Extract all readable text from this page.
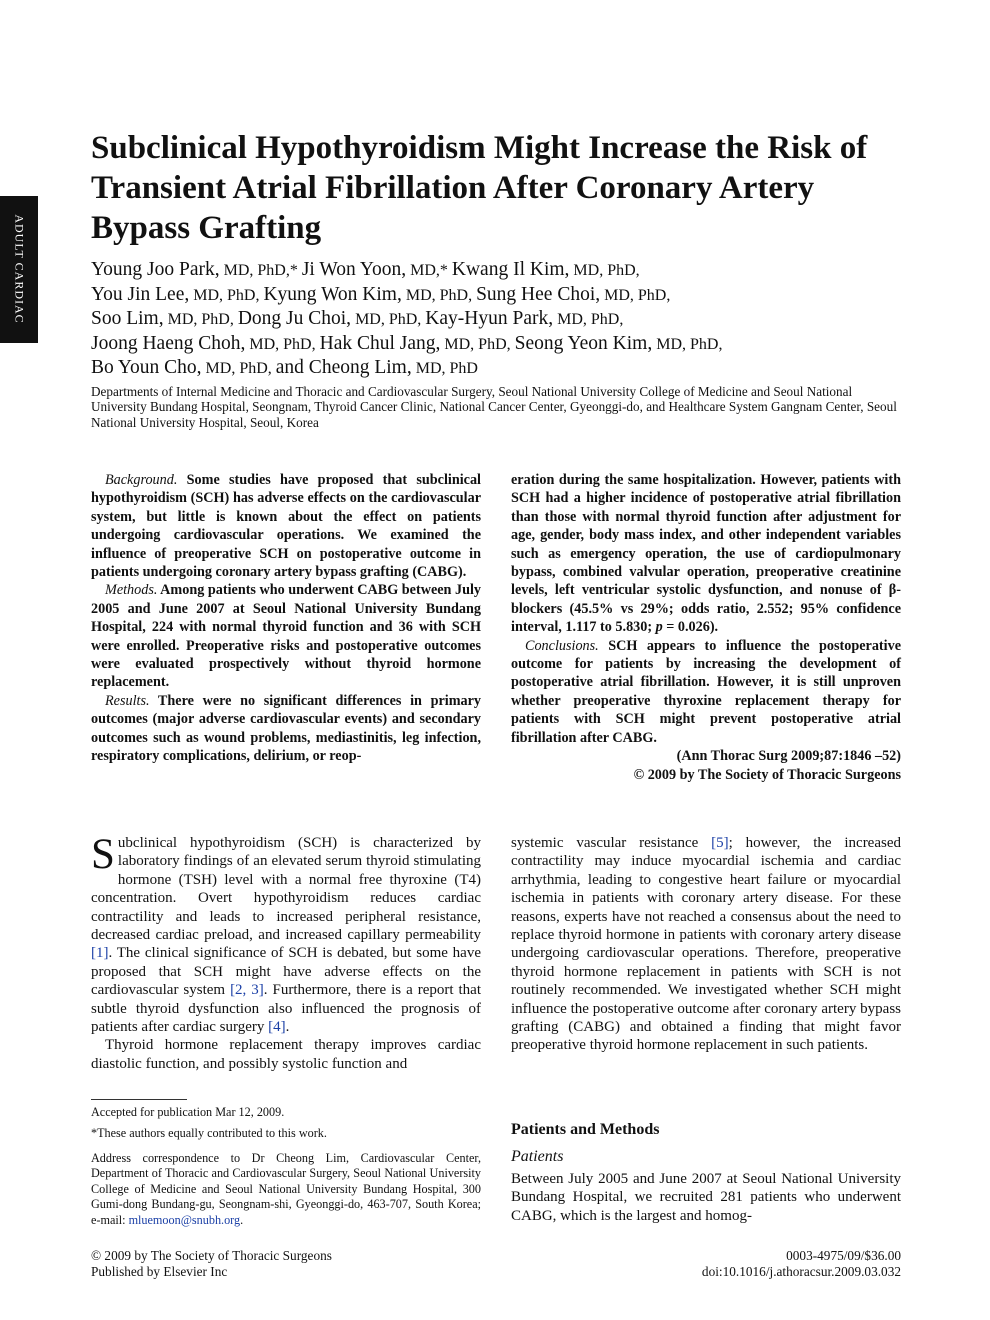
ADULT CARDIAC
Subclinical Hypothyroidism Might Increase the Risk of Transient Atrial Fibrillation After Coronary Artery Bypass Grafting
Young Joo Park, MD, PhD,* Ji Won Yoon, MD,* Kwang Il Kim, MD, PhD,
You Jin Lee, MD, PhD, Kyung Won Kim, MD, PhD, Sung Hee Choi, MD, PhD,
Soo Lim, MD, PhD, Dong Ju Choi, MD, PhD, Kay-Hyun Park, MD, PhD,
Joong Haeng Choh, MD, PhD, Hak Chul Jang, MD, PhD, Seong Yeon Kim, MD, PhD,
Bo Youn Cho, MD, PhD, and Cheong Lim, MD, PhD
Departments of Internal Medicine and Thoracic and Cardiovascular Surgery, Seoul National University College of Medicine and Seoul National University Bundang Hospital, Seongnam, Thyroid Cancer Clinic, National Cancer Center, Gyeonggi-do, and Healthcare System Gangnam Center, Seoul National University Hospital, Seoul, Korea

Background. Some studies have proposed that subclinical hypothyroidism (SCH) has adverse effects on the cardiovascular system, but little is known about the effect on patients undergoing cardiovascular operations. We examined the influence of preoperative SCH on postoperative outcome in patients undergoing coronary artery bypass grafting (CABG).

Methods. Among patients who underwent CABG between July 2005 and June 2007 at Seoul National University Bundang Hospital, 224 with normal thyroid function and 36 with SCH were enrolled. Preoperative risks and postoperative outcomes were evaluated prospectively without thyroid hormone replacement.

Results. There were no significant differences in primary outcomes (major adverse cardiovascular events) and secondary outcomes such as wound problems, mediastinitis, leg infection, respiratory complications, delirium, or reop-

eration during the same hospitalization. However, patients with SCH had a higher incidence of postoperative atrial fibrillation than those with normal thyroid function after adjustment for age, gender, body mass index, and other independent variables such as emergency operation, the use of cardiopulmonary bypass, combined valvular operation, preoperative creatinine levels, left ventricular systolic dysfunction, and nonuse of β-blockers (45.5% vs 29%; odds ratio, 2.552; 95% confidence interval, 1.117 to 5.830; p = 0.026).

Conclusions. SCH appears to influence the postoperative outcome for patients by increasing the development of postoperative atrial fibrillation. However, it is still unproven whether preoperative thyroxine replacement therapy for patients with SCH might prevent postoperative atrial fibrillation after CABG.

(Ann Thorac Surg 2009;87:1846 –52)
© 2009 by The Society of Thoracic Surgeons

Subclinical hypothyroidism (SCH) is characterized by laboratory findings of an elevated serum thyroid stimulating hormone (TSH) level with a normal free thyroxine (T4) concentration. Overt hypothyroidism reduces cardiac contractility and leads to increased peripheral resistance, decreased cardiac preload, and increased capillary permeability [1]. The clinical significance of SCH is debated, but some have proposed that SCH might have adverse effects on the cardiovascular system [2, 3]. Furthermore, there is a report that subtle thyroid dysfunction also influenced the prognosis of patients after cardiac surgery [4].

Thyroid hormone replacement therapy improves cardiac diastolic function, and possibly systolic function and

Accepted for publication Mar 12, 2009.
*These authors equally contributed to this work.
Address correspondence to Dr Cheong Lim, Cardiovascular Center, Department of Thoracic and Cardiovascular Surgery, Seoul National University College of Medicine and Seoul National University Bundang Hospital, 300 Gumi-dong Bundang-gu, Seongnam-shi, Gyeonggi-do, 463-707, South Korea; e-mail: mluemoon@snubh.org.

systemic vascular resistance [5]; however, the increased contractility may induce myocardial ischemia and cardiac arrhythmia, leading to congestive heart failure or myocardial ischemia in patients with coronary artery disease. For these reasons, experts have not reached a consensus about the need to replace thyroid hormone in patients with coronary artery disease undergoing cardiovascular operations. Therefore, preoperative thyroid hormone replacement in patients with SCH is not routinely recommended. We investigated whether SCH might influence the postoperative outcome after coronary artery bypass grafting (CABG) and obtained a finding that might favor preoperative thyroid hormone replacement in such patients.

Patients and Methods
Patients
Between July 2005 and June 2007 at Seoul National University Bundang Hospital, we recruited 281 patients who underwent CABG, which is the largest and homog-
© 2009 by The Society of Thoracic Surgeons
Published by Elsevier Inc
0003-4975/09/$36.00
doi:10.1016/j.athoracsur.2009.03.032
